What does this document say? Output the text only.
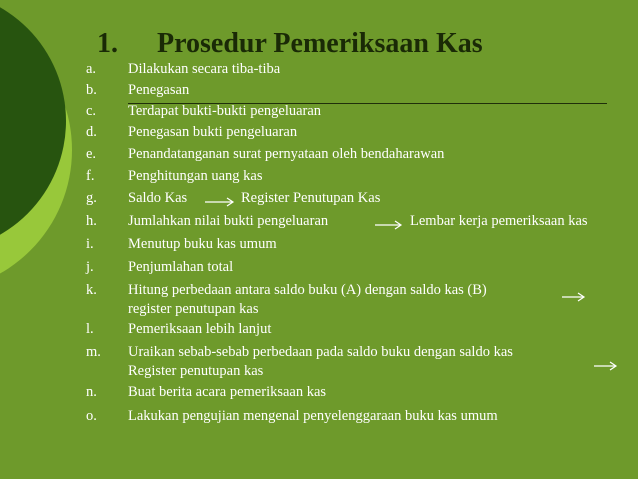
1. Prosedur Pemeriksaan Kas
a. Dilakukan secara tiba-tiba
b. Penegasan
c. Terdapat bukti-bukti pengeluaran
d. Penegasan bukti pengeluaran
e. Penandatanganan surat pernyataan oleh bendaharawan
f. Penghitungan uang kas
g. Saldo Kas	Register Penutupan Kas
h. Jumlahkan nilai bukti pengeluaran	Lembar kerja pemeriksaan kas
i. Menutup buku kas umum
j. Penjumlahan total
k. Hitung perbedaan antara saldo buku (A) dengan saldo kas (B)
register penutupan kas
l. Pemeriksaan lebih lanjut
m. Uraikan sebab-sebab perbedaan pada saldo buku dengan saldo kas
Register penutupan kas
n. Buat berita acara pemeriksaan kas
o. Lakukan pengujian mengenal penyelenggaraan buku kas umum
